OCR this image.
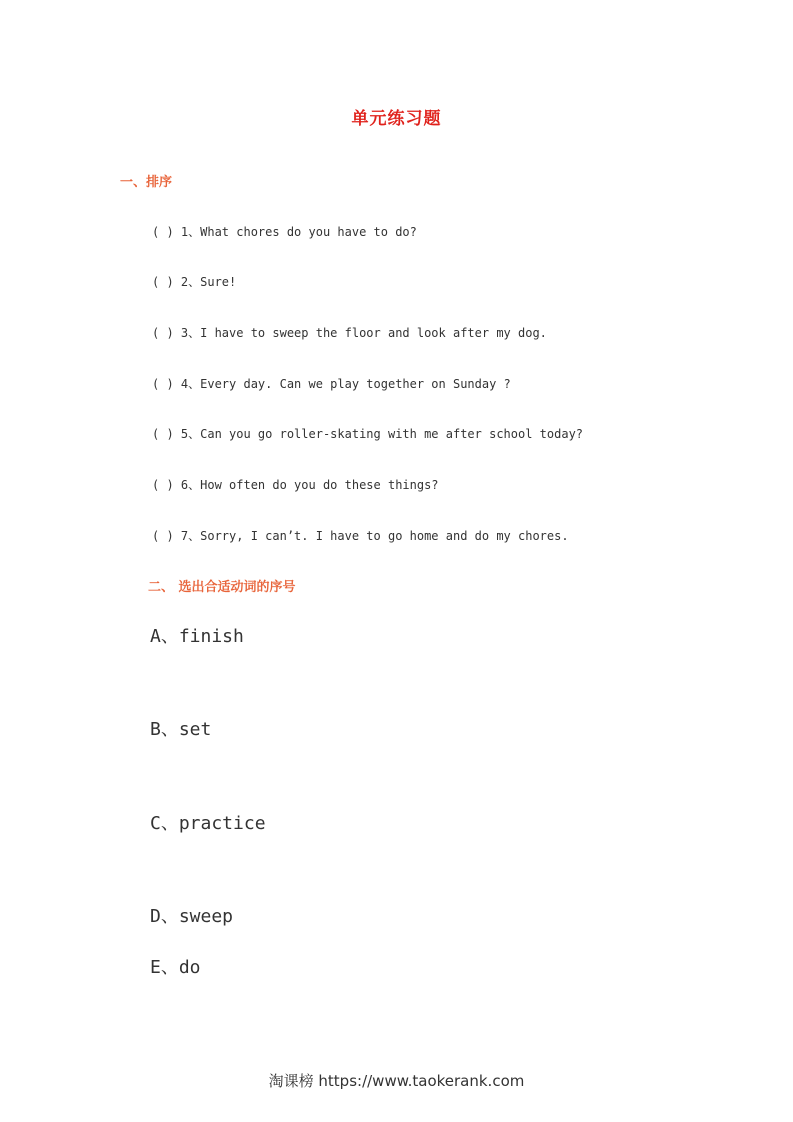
单元练习题
一、排序
( ) 1、What chores do you have to do?
( ) 2、Sure!
( ) 3、I have to sweep the floor and look after my dog.
( ) 4、Every day. Can we play together on Sunday ?
( ) 5、Can you go roller-skating with me after school today?
( ) 6、How often do you do these things?
( ) 7、Sorry, I can’t. I have to go home and do my chores.
二、 选出合适动词的序号
A、finish
B、set
C、practice
D、sweep
E、do
淘课榜 https://www.taokerank.com
